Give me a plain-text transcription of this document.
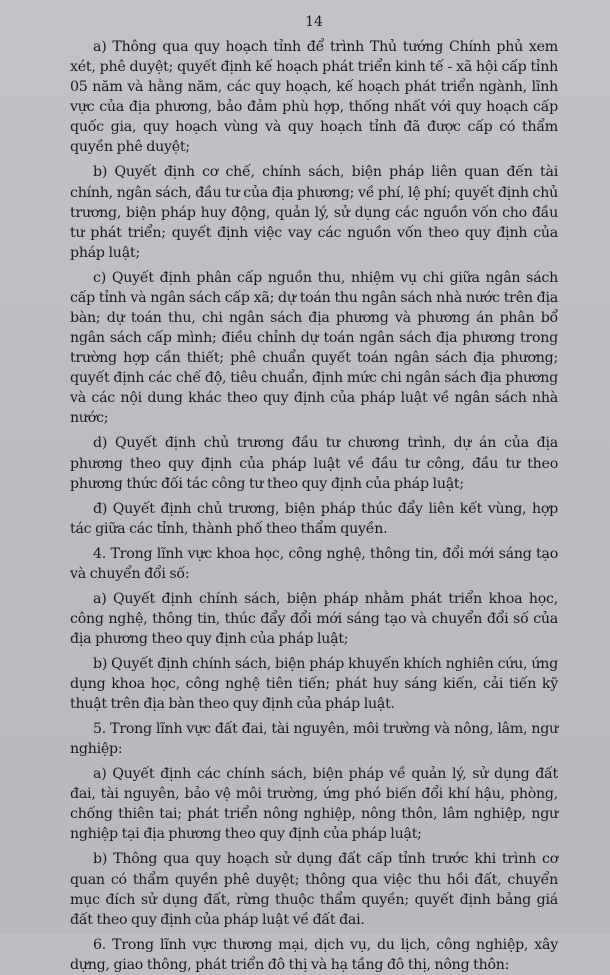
14

a) Thông qua quy hoạch tỉnh để trình Thủ tướng Chính phủ xem xét, phê duyệt; quyết định kế hoạch phát triển kinh tế - xã hội cấp tỉnh 05 năm và hằng năm, các quy hoạch, kế hoạch phát triển ngành, lĩnh vực của địa phương, bảo đảm phù hợp, thống nhất với quy hoạch cấp quốc gia, quy hoạch vùng và quy hoạch tỉnh đã được cấp có thẩm quyền phê duyệt;

b) Quyết định cơ chế, chính sách, biện pháp liên quan đến tài chính, ngân sách, đầu tư của địa phương; về phí, lệ phí; quyết định chủ trương, biện pháp huy động, quản lý, sử dụng các nguồn vốn cho đầu tư phát triển; quyết định việc vay các nguồn vốn theo quy định của pháp luật;

c) Quyết định phân cấp nguồn thu, nhiệm vụ chi giữa ngân sách cấp tỉnh và ngân sách cấp xã; dự toán thu ngân sách nhà nước trên địa bàn; dự toán thu, chi ngân sách địa phương và phương án phân bổ ngân sách cấp mình; điều chỉnh dự toán ngân sách địa phương trong trường hợp cần thiết; phê chuẩn quyết toán ngân sách địa phương; quyết định các chế độ, tiêu chuẩn, định mức chi ngân sách địa phương và các nội dung khác theo quy định của pháp luật về ngân sách nhà nước;

d) Quyết định chủ trương đầu tư chương trình, dự án của địa phương theo quy định của pháp luật về đầu tư công, đầu tư theo phương thức đối tác công tư theo quy định của pháp luật;

đ) Quyết định chủ trương, biện pháp thúc đẩy liên kết vùng, hợp tác giữa các tỉnh, thành phố theo thẩm quyền.

4. Trong lĩnh vực khoa học, công nghệ, thông tin, đổi mới sáng tạo và chuyển đổi số:

a) Quyết định chính sách, biện pháp nhằm phát triển khoa học, công nghệ, thông tin, thúc đẩy đổi mới sáng tạo và chuyển đổi số của địa phương theo quy định của pháp luật;

b) Quyết định chính sách, biện pháp khuyến khích nghiên cứu, ứng dụng khoa học, công nghệ tiên tiến; phát huy sáng kiến, cải tiến kỹ thuật trên địa bàn theo quy định của pháp luật.

5. Trong lĩnh vực đất đai, tài nguyên, môi trường và nông, lâm, ngư nghiệp:

a) Quyết định các chính sách, biện pháp về quản lý, sử dụng đất đai, tài nguyên, bảo vệ môi trường, ứng phó biến đổi khí hậu, phòng, chống thiên tai; phát triển nông nghiệp, nông thôn, lâm nghiệp, ngư nghiệp tại địa phương theo quy định của pháp luật;

b) Thông qua quy hoạch sử dụng đất cấp tỉnh trước khi trình cơ quan có thẩm quyền phê duyệt; thông qua việc thu hồi đất, chuyển mục đích sử dụng đất, rừng thuộc thẩm quyền; quyết định bảng giá đất theo quy định của pháp luật về đất đai.

6. Trong lĩnh vực thương mại, dịch vụ, du lịch, công nghiệp, xây dựng, giao thông, phát triển đô thị và hạ tầng đô thị, nông thôn:
